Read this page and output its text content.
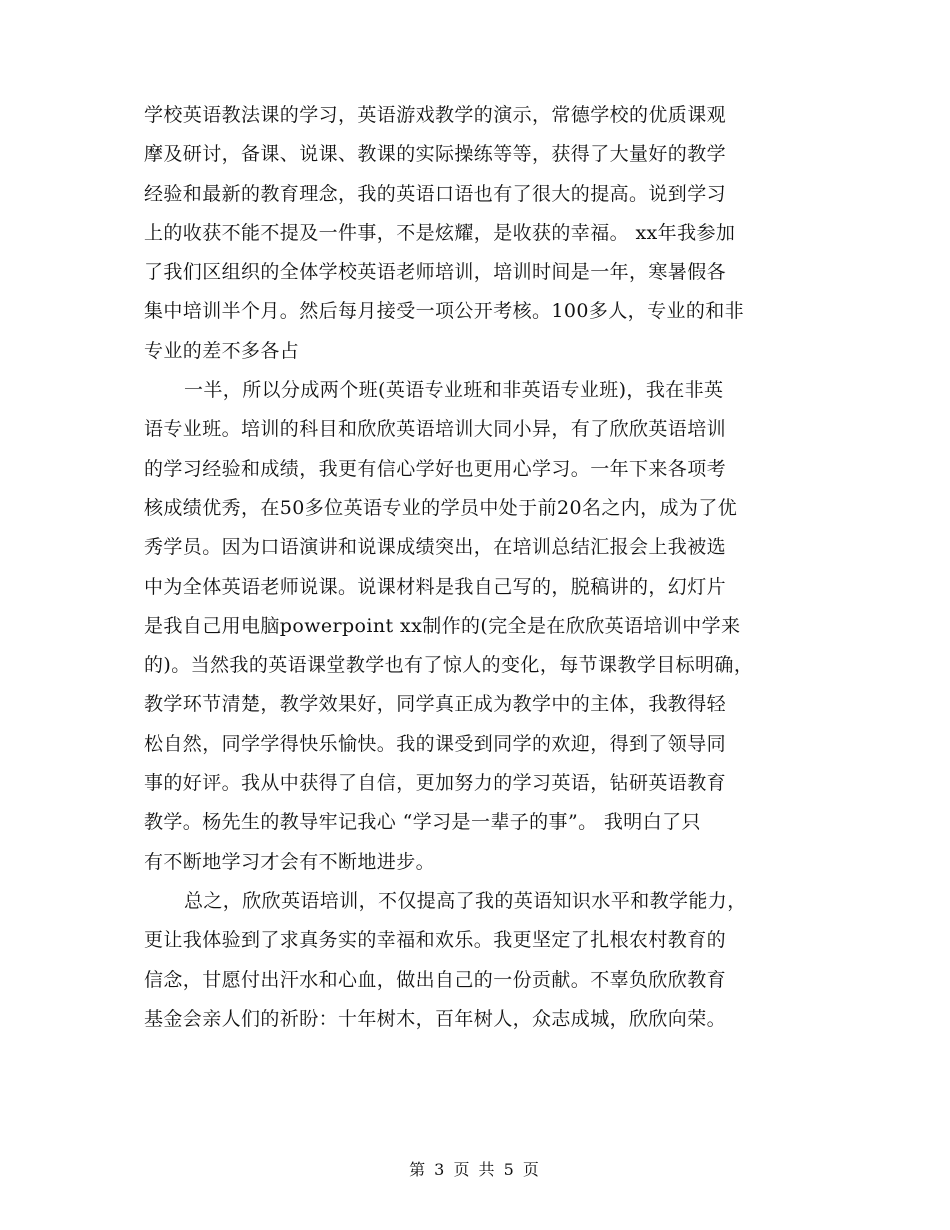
学校英语教法课的学习，英语游戏教学的演示，常德学校的优质课观
摩及研讨，备课、说课、教课的实际操练等等，获得了大量好的教学
经验和最新的教育理念，我的英语口语也有了很大的提高。说到学习
上的收获不能不提及一件事，不是炫耀，是收获的幸福。 xx年我参加
了我们区组织的全体学校英语老师培训，培训时间是一年，寒暑假各
集中培训半个月。然后每月接受一项公开考核。100多人，专业的和非
专业的差不多各占
一半，所以分成两个班(英语专业班和非英语专业班)，我在非英
语专业班。培训的科目和欣欣英语培训大同小异，有了欣欣英语培训
的学习经验和成绩，我更有信心学好也更用心学习。一年下来各项考
核成绩优秀，在50多位英语专业的学员中处于前20名之内，成为了优
秀学员。因为口语演讲和说课成绩突出，在培训总结汇报会上我被选
中为全体英语老师说课。说课材料是我自己写的，脱稿讲的，幻灯片
是我自己用电脑powerpoint xx制作的(完全是在欣欣英语培训中学来
的)。当然我的英语课堂教学也有了惊人的变化，每节课教学目标明确，
教学环节清楚，教学效果好，同学真正成为教学中的主体，我教得轻
松自然，同学学得快乐愉快。我的课受到同学的欢迎，得到了领导同
事的好评。我从中获得了自信，更加努力的学习英语，钻研英语教育
教学。杨先生的教导牢记我心 “学习是一辈子的事”。 我明白了只
有不断地学习才会有不断地进步。
总之，欣欣英语培训，不仅提高了我的英语知识水平和教学能力，
更让我体验到了求真务实的幸福和欢乐。我更坚定了扎根农村教育的
信念，甘愿付出汗水和心血，做出自己的一份贡献。不辜负欣欣教育
基金会亲人们的祈盼：十年树木，百年树人，众志成城，欣欣向荣。
第 3 页 共 5 页
